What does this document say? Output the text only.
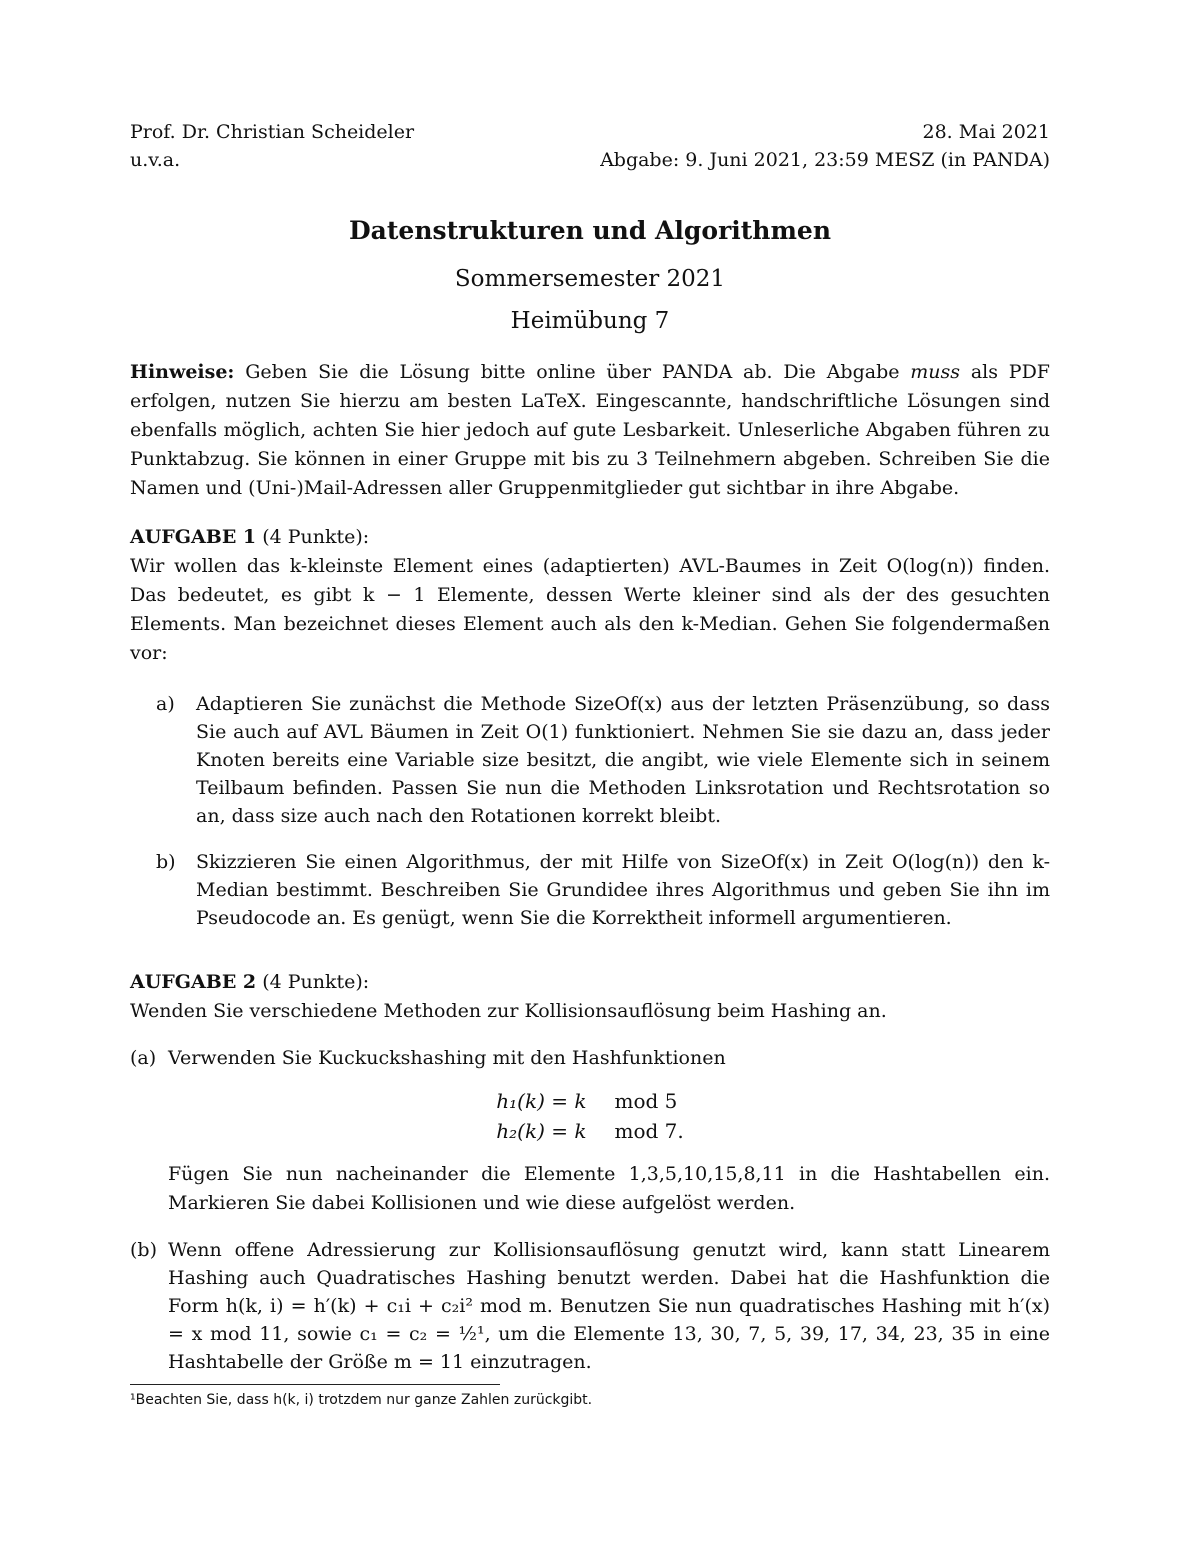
Prof. Dr. Christian Scheideler	28. Mai 2021
u.v.a.	Abgabe: 9. Juni 2021, 23:59 MESZ (in PANDA)
Datenstrukturen und Algorithmen
Sommersemester 2021
Heimübung 7
Hinweise: Geben Sie die Lösung bitte online über PANDA ab. Die Abgabe muss als PDF erfolgen, nutzen Sie hierzu am besten LaTeX. Eingescannte, handschriftliche Lösungen sind ebenfalls möglich, achten Sie hier jedoch auf gute Lesbarkeit. Unleserliche Abgaben führen zu Punktabzug. Sie können in einer Gruppe mit bis zu 3 Teilnehmern abgeben. Schreiben Sie die Namen und (Uni-)Mail-Adressen aller Gruppenmitglieder gut sichtbar in ihre Abgabe.
AUFGABE 1 (4 Punkte):
Wir wollen das k-kleinste Element eines (adaptierten) AVL-Baumes in Zeit O(log(n)) finden. Das bedeutet, es gibt k − 1 Elemente, dessen Werte kleiner sind als der des gesuchten Elements. Man bezeichnet dieses Element auch als den k-Median. Gehen Sie folgendermaßen vor:
a)	Adaptieren Sie zunächst die Methode SizeOf(x) aus der letzten Präsenzübung, so dass Sie auch auf AVL Bäumen in Zeit O(1) funktioniert. Nehmen Sie sie dazu an, dass jeder Knoten bereits eine Variable size besitzt, die angibt, wie viele Elemente sich in seinem Teilbaum befinden. Passen Sie nun die Methoden Linksrotation und Rechtsrotation so an, dass size auch nach den Rotationen korrekt bleibt.
b)	Skizzieren Sie einen Algorithmus, der mit Hilfe von SizeOf(x) in Zeit O(log(n)) den k-Median bestimmt. Beschreiben Sie Grundidee ihres Algorithmus und geben Sie ihn im Pseudocode an. Es genügt, wenn Sie die Korrektheit informell argumentieren.
AUFGABE 2 (4 Punkte):
Wenden Sie verschiedene Methoden zur Kollisionsauflösung beim Hashing an.
(a) Verwenden Sie Kuckuckshashing mit den Hashfunktionen
h₁(k) = k	mod 5
h₂(k) = k	mod 7.
Fügen Sie nun nacheinander die Elemente 1,3,5,10,15,8,11 in die Hashtabellen ein. Markieren Sie dabei Kollisionen und wie diese aufgelöst werden.
(b) Wenn offene Adressierung zur Kollisionsauflösung genutzt wird, kann statt Linearem Hashing auch Quadratisches Hashing benutzt werden. Dabei hat die Hashfunktion die Form h(k, i) = h′(k) + c₁i + c₂i² mod m. Benutzen Sie nun quadratisches Hashing mit h′(x) = x mod 11, sowie c₁ = c₂ = ½¹, um die Elemente 13, 30, 7, 5, 39, 17, 34, 23, 35 in eine Hashtabelle der Größe m = 11 einzutragen.
¹Beachten Sie, dass h(k, i) trotzdem nur ganze Zahlen zurückgibt.
